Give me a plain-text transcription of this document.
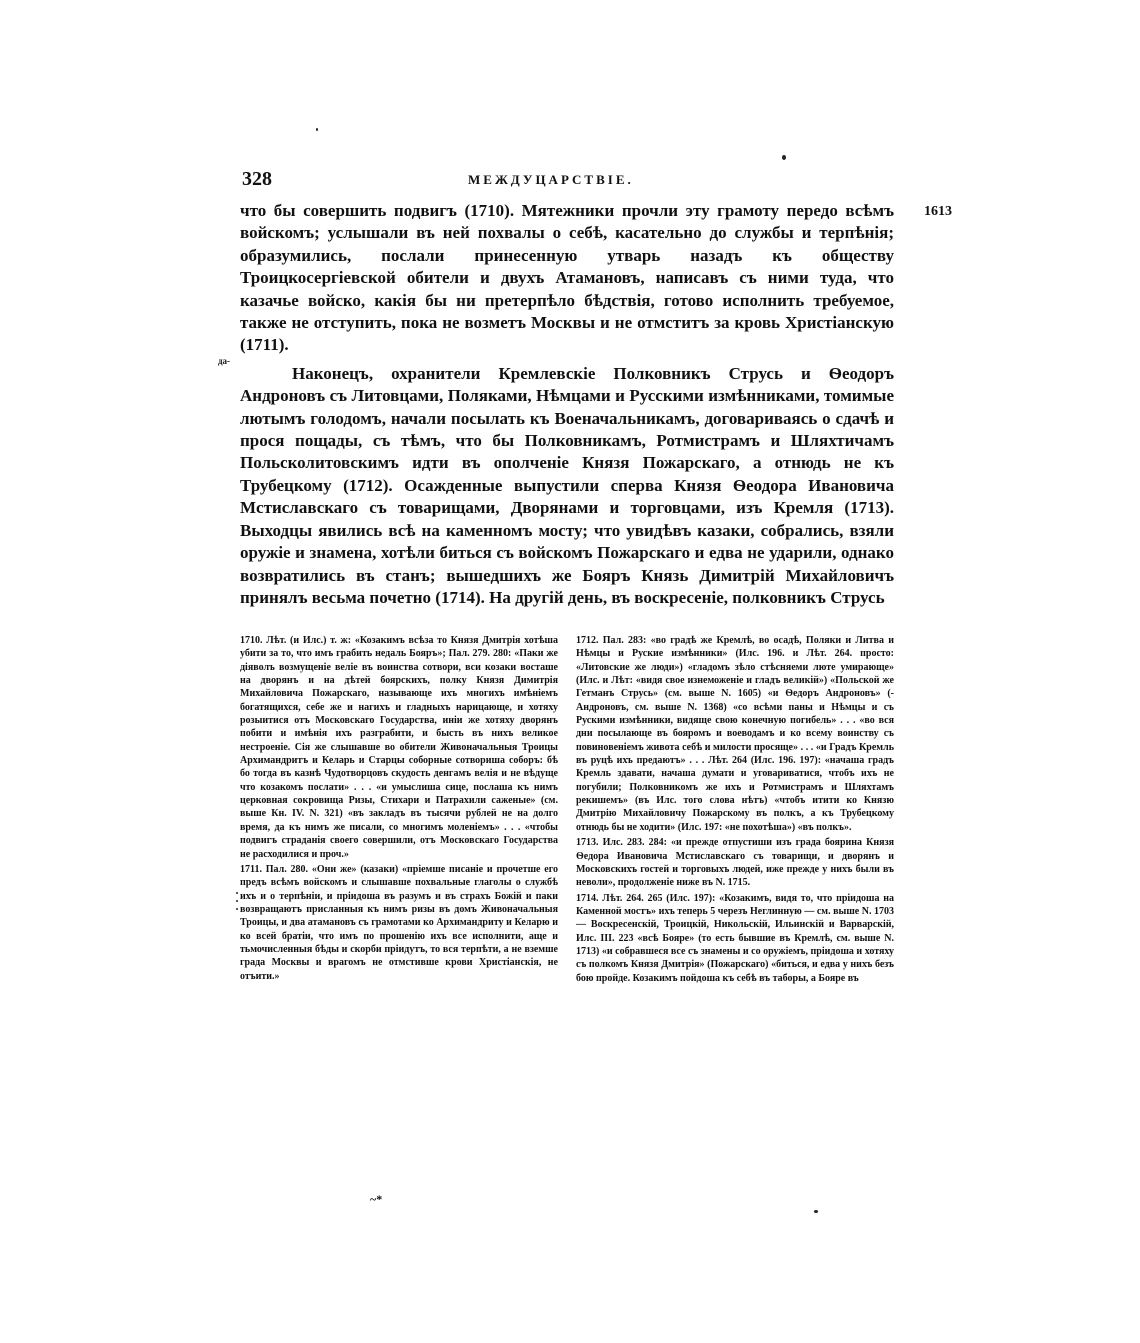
328	МЕЖДУЦАРСТВІЕ.
1613
да-

что бы совершить подвигъ (1710). Мятежники прочли эту грамоту передо всѣмъ войскомъ; услышали въ ней похвалы о себѣ, касательно до службы и терпѣнія; образумились, послали принесенную утварь назадъ къ обществу Троицкосергіевской обители и двухъ Атамановъ, написавъ съ ними туда, что казачье войско, какія бы ни претерпѣло бѣдствія, готово исполнить требуемое, также не отступить, пока не возметъ Москвы и не отмститъ за кровь Христіанскую (1711).

Наконецъ, охранители Кремлевскіе Полковникъ Струсь и Ѳеодоръ Андроновъ съ Литовцами, Поляками, Нѣмцами и Русскими измѣнниками, томимые лютымъ голодомъ, начали посылать къ Военачальникамъ, договариваясь о сдачѣ и прося пощады, съ тѣмъ, что бы Полковникамъ, Ротмистрамъ и Шляхтичамъ Польсколитовскимъ идти въ ополченіе Князя Пожарскаго, а отнюдь не къ Трубецкому (1712). Осажденные выпустили сперва Князя Ѳеодора Ивановича Мстиславскаго съ товарищами, Дворянами и торговцами, изъ Кремля (1713). Выходцы явились всѣ на каменномъ мосту; что увидѣвъ казаки, собрались, взяли оружіе и знамена, хотѣли биться съ войскомъ Пожарскаго и едва не ударили, однако возвратились въ станъ; вышедшихъ же Бояръ Князь Димитрій Михайловичъ принялъ весьма почетно (1714). На другій день, въ воскресеніе, полковникъ Струсь

1710. Лѣт. (и Илс.) т. ж: «Козакимъ всѣза то Князя Дмитрія хотѣша убити за то, что имъ грабить недаль Бояръ»; Пал. 279. 280: «Паки же діяволъ возмущеніе веліе въ воинства сотвори, вси козаки восташе на дворянъ и на дѣтей боярскихъ, полку Князя Димитрія Михайловича Пожарскаго, называюще ихъ многихъ имѣніемъ богатящихся, себе же и нагихъ и гладныхъ нарицающе, и хотяху розыитися отъ Московскаго Государства, иніи же хотяху дворянъ побити и имѣнія ихъ разграбити, и бысть въ нихъ великое нестроеніе. Сія же слышавше во обители Живоначальныя Троицы Архимандритъ и Келарь и Старцы соборные сотвориша соборъ: бѣ бо тогда въ казнѣ Чудотворцовъ скудость денгамъ велія и не вѣдуще что козакомъ послати» . . . «и умыслиша сице, послаша къ нимъ церковная сокровища Ризы, Стихари и Патрахили саженые» (см. выше Кн. IV. N. 321) «въ закладъ въ тысячи рублей не на долго время, да къ нимъ же писали, со многимъ моленіемъ» . . . «чтобы подвигъ страданія своего совершили, отъ Московскаго Государства не расходилися и проч.»

1711. Пал. 280. «Они же» (казаки) «пріемше писаніе и прочетше его предъ всѣмъ войскомъ и слышавше похвальные глаголы о службѣ ихъ и о терпѣніи, и пріидоша въ разумъ и въ страхъ Божій и паки возвращаютъ присланныя къ нимъ ризы въ домъ Живоначальныя Троицы, и два атамановъ съ грамотами ко Архимандриту и Келарю и ко всей братіи, что имъ по прошенію ихъ все исполнити, аще и тьмочисленныя бѣды и скорби пріидутъ, то вся терпѣти, а не вземше града Москвы и врагомъ не отмстивше крови Христіанскія, не отъити.»

1712. Пал. 283: «во градѣ же Кремлѣ, во осадѣ, Поляки и Литва и Нѣмцы и Руские измѣнники» (Илс. 196. и Лѣт. 264. просто: «Литовские же люди») «гладомъ зѣло стѣсняеми люте умирающе» (Илс. и Лѣт: «видя свое изнеможеніе и гладъ великій») «Польской же Гетманъ Струсь» (см. выше N. 1605) «и Ѳедоръ Андроновъ» (-Андроновъ, см. выше N. 1368) «со всѣми паны и Нѣмцы и съ Рускими измѣнники, видяще свою конечную погибель» . . . «во вся дни посылающе въ бояромъ и воеводамъ и ко всему воинству съ повиновеніемъ живота себѣ и милости просяще» . . . «и Градъ Кремль въ руцѣ ихъ предаютъ» . . . Лѣт. 264 (Илс. 196. 197): «начаша градъ Кремль здавати, начаша думати и уговариватися, чтобъ ихъ не погубили; Полковникомъ же ихъ и Ротмистрамъ и Шляхтамъ рекишемъ» (въ Илс. того слова нѣтъ) «чтобъ итити ко Князю Дмитрію Михайловичу Пожарскому въ полкъ, а къ Трубецкому отнюдь бы не ходити» (Илс. 197: «не похотѣша») «въ полкъ».

1713. Илс. 283. 284: «и прежде отпустиши изъ града боярина Князя Ѳедора Ивановича Мстиславскаго съ товарищи, и дворянъ и Московскихъ гостей и торговыхъ людей, иже прежде у нихъ были въ неволи», продолженіе ниже въ N. 1715.

1714. Лѣт. 264. 265 (Илс. 197): «Козакимъ, видя то, что пріидоша на Каменной мостъ» ихъ теперь 5 черезъ Неглинную — см. выше N. 1703 — Воскресенскій, Троицкій, Никольскій, Ильинскій и Варварскій, Илс. III. 223 «всѣ Бояре» (то есть бывшие въ Кремлѣ, см. выше N. 1713) «и собравшеся все съ знамены и со оружіемъ, пріидоша и хотяху съ полкомъ Князя Дмитрія» (Пожарскаго) «биться, и едва у нихъ безъ бою пройде. Козакимъ пойдоша къ себѣ въ таборы, а Бояре въ

~*
